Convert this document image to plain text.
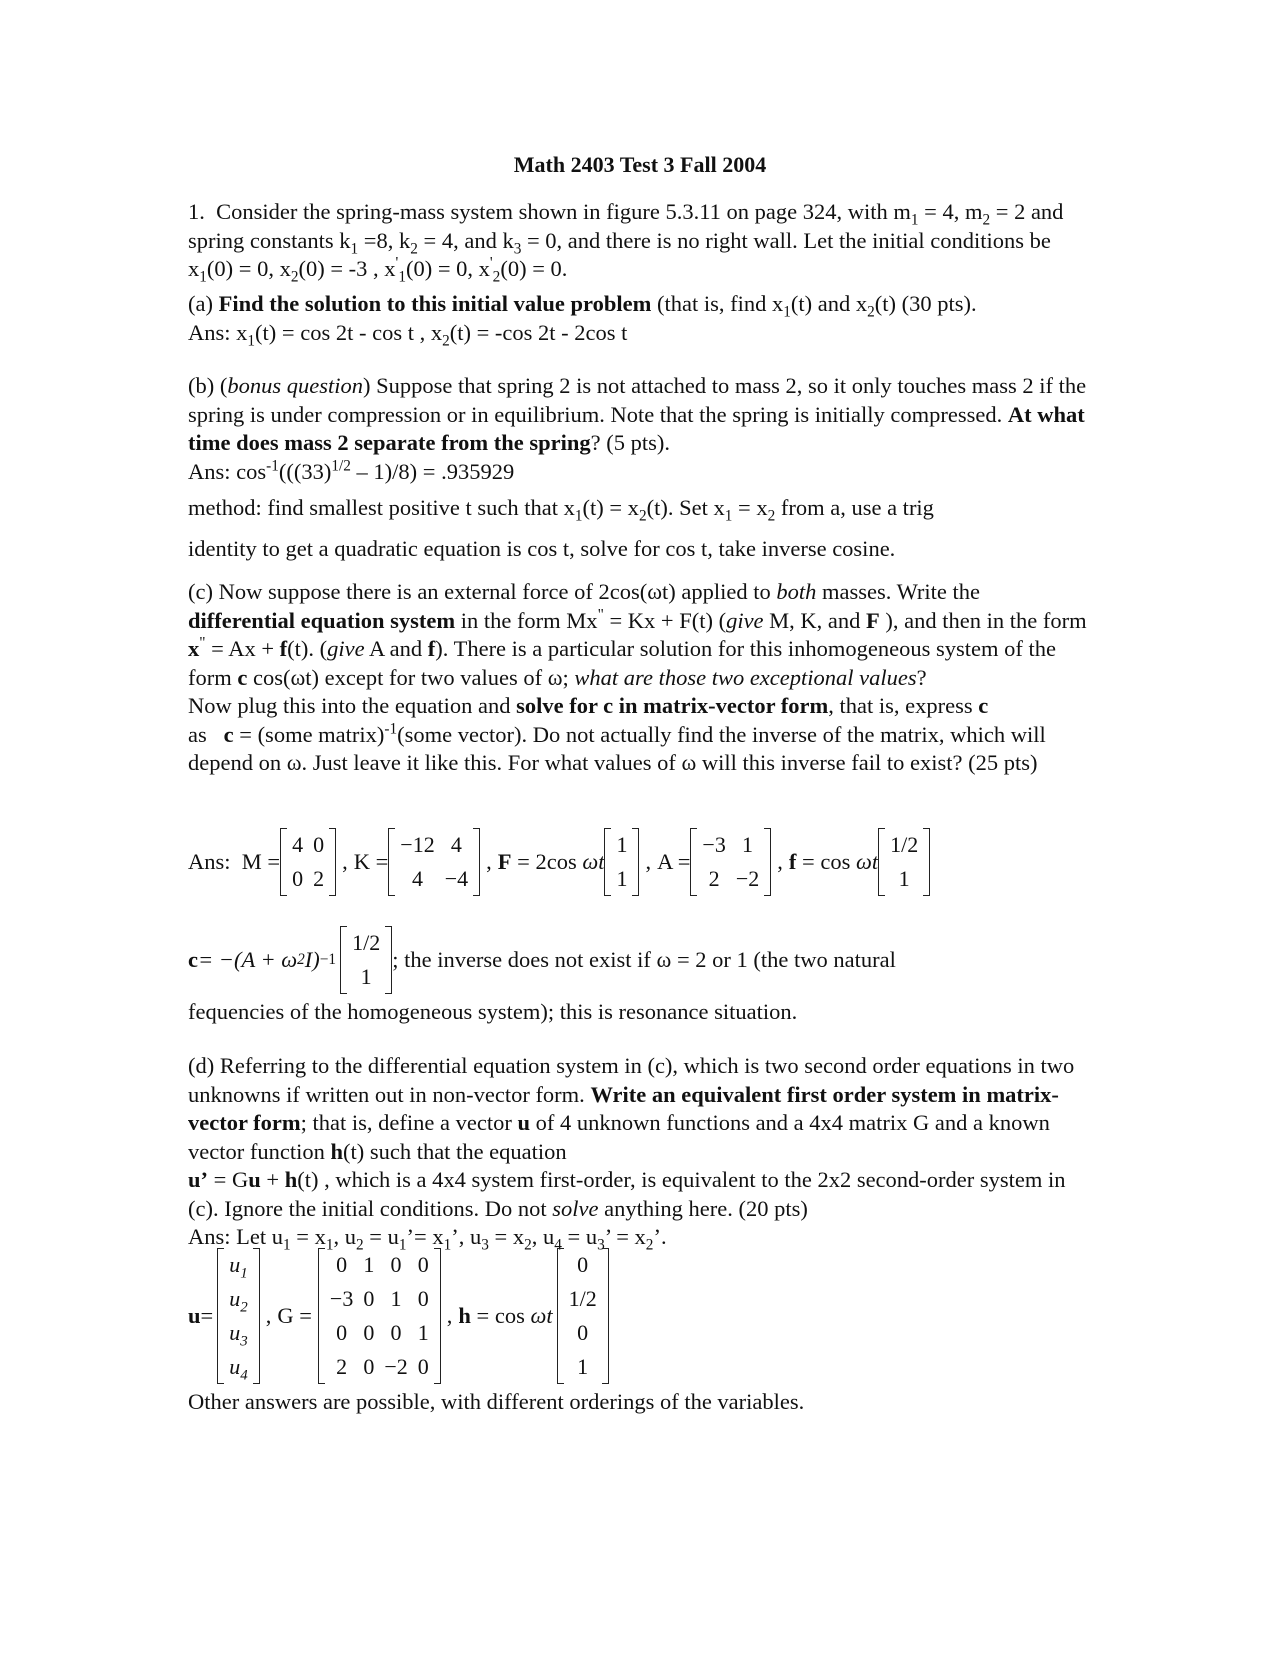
Math 2403 Test 3 Fall 2004
1. Consider the spring-mass system shown in figure 5.3.11 on page 324, with $m_1 = 4$, $m_2 = 2$ and spring constants $k_1 =8$, $k_2 = 4$, and $k_3 = 0$, and there is no right wall. Let the initial conditions be $x_1(0) = 0$, $x_2(0) = -3$ , $x'_1(0) = 0$, $x'_2(0) = 0$.
(a) Find the solution to this initial value problem (that is, find $x_1(t)$ and $x_2(t)$ (30 pts).
Ans: $x_1(t) = \cos 2t - \cos t$ , $x_2(t) = -\cos$ 2t - 2cos t
(b) (bonus question) Suppose that spring 2 is not attached to mass 2, so it only touches mass 2 if the spring is under compression or in equilibrium. Note that the spring is initially compressed. At what time does mass 2 separate from the spring? (5 pts).
Ans: $\cos^{-1}(((33)^{1/2} - 1)/8) = .935929$
method: find smallest positive t such that $x_1(t) = x_2(t)$. Set $x_1 = x_2$ from a, use a trig
identity to get a quadratic equation is cos t, solve for cos t, take inverse cosine.
(c) Now suppose there is an external force of 2cos(ωt) applied to both masses. Write the differential equation system in the form Mx" = Kx + F(t) (give M, K, and F ), and then in the form x" = Ax + f(t). (give A and f). There is a particular solution for this inhomogeneous system of the form c cos(ωt) except for two values of ω; what are those two exceptional values?
Now plug this into the equation and solve for c in matrix-vector form, that is, express c
as c = (some matrix)$^{-1}$(some vector). Do not actually find the inverse of the matrix, which will depend on ω. Just leave it like this. For what values of ω will this inverse fail to exist? (25 pts)
Ans:
M =
4	0
0	2
, K =
−12	4
4	−4
, F
= 2cos
ωt
1
1
, A =
−3	1
2	−2
, f
= cos
ωt
1/2
1
c = −(A + ω 2 I) −1
1/2
1
; the inverse does not exist if ω = 2 or 1 (the two natural
fequencies of the homogeneous system); this is resonance situation.
(d) Referring to the differential equation system in (c), which is two second order equations in two unknowns if written out in non-vector form. Write an equivalent first order system in matrix-vector form; that is, define a vector u of 4 unknown functions and a 4x4 matrix G and a known vector function h(t) such that the equation
u’ = Gu + h(t) , which is a 4x4 system first-order, is equivalent to the 2x2 second-order system in (c). Ignore the initial conditions. Do not solve anything here. (20 pts)
Ans: Let $u_1 = x_1$, $u_2$ = $u_1’= x_1$’, $u_3 = x_2$, $u_4 = u_3$’ = $x_2$’.
u =
$u_1$
$u_2$
$u_3$
$u_4$
, G =
0	1	0	0
−3	0	1	0
0	0	0	1
2	0	−2	0
, h
= cos
ωt
0
1/2
0
1
Other answers are possible, with different orderings of the variables.
